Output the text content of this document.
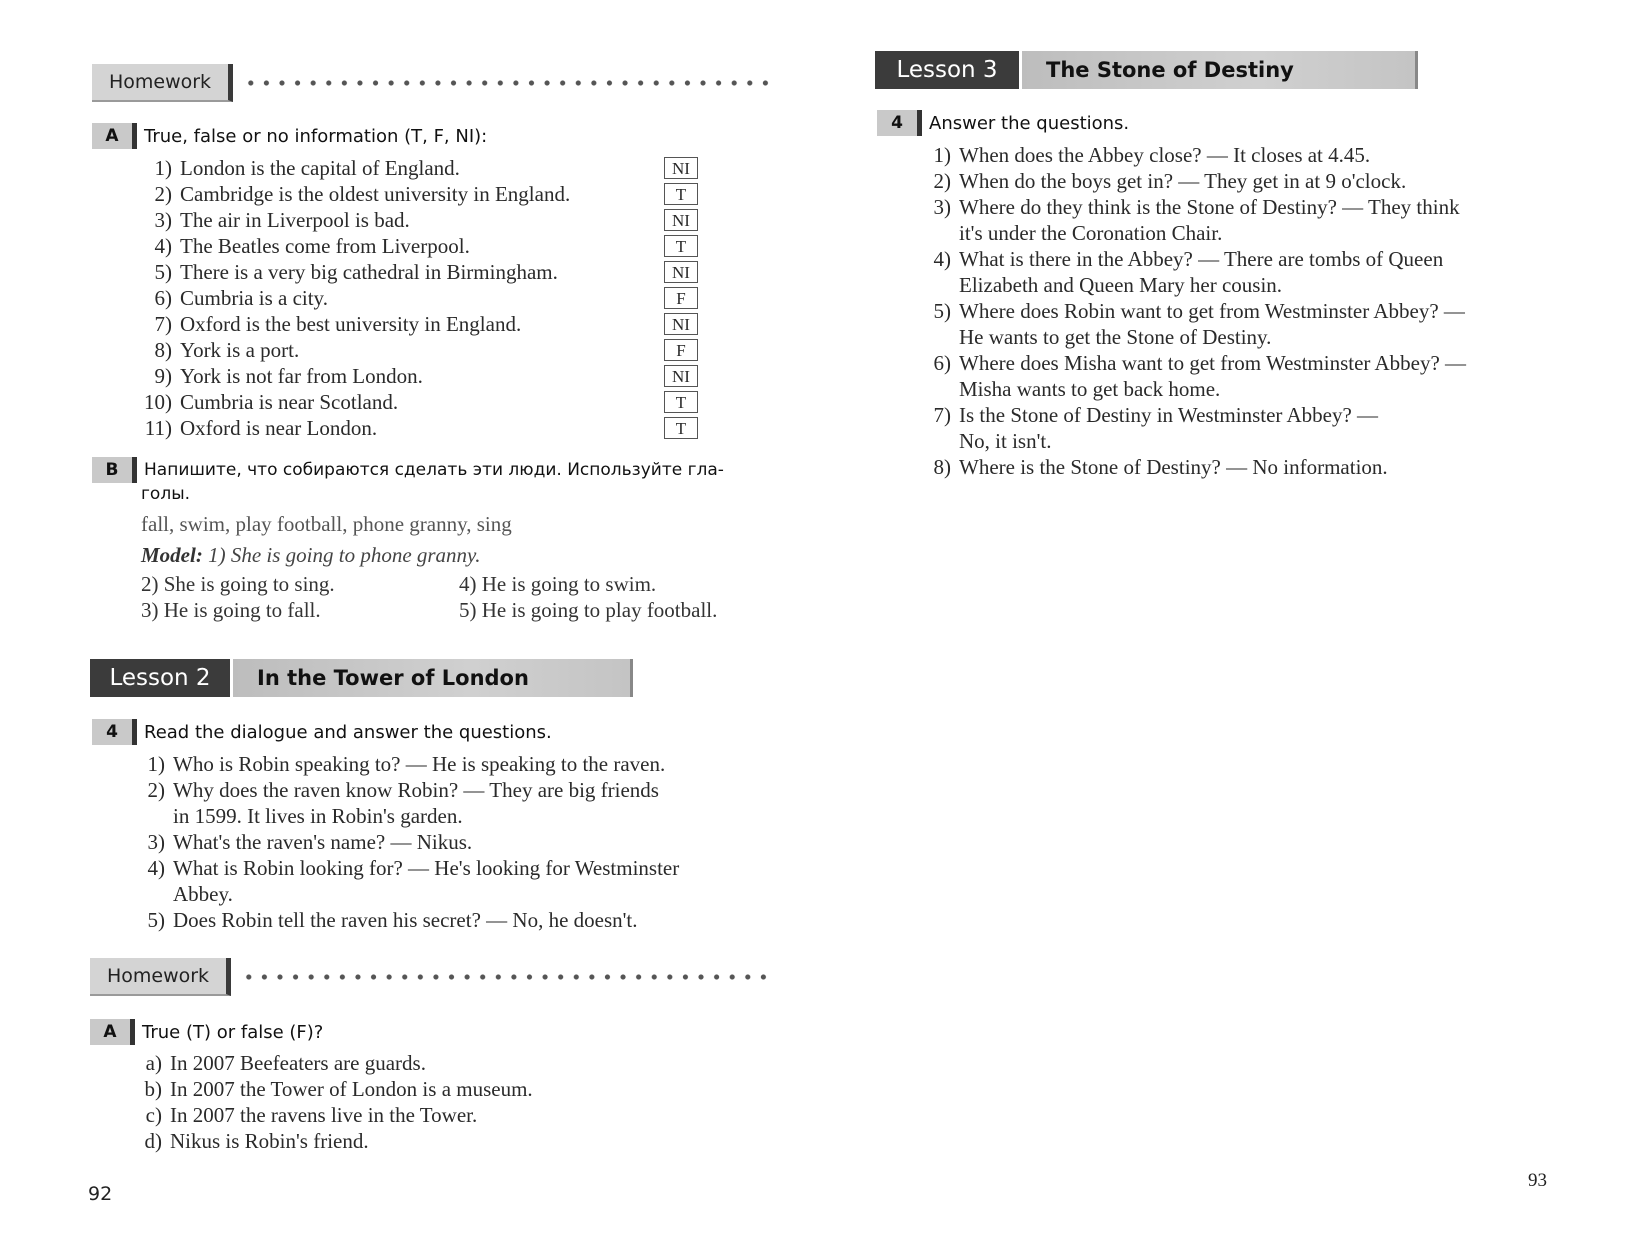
Homework
A	True, false or no information (T, F, NI):
1) London is the capital of England.	NI
2) Cambridge is the oldest university in England.	T
3) The air in Liverpool is bad.	NI
4) The Beatles come from Liverpool.	T
5) There is a very big cathedral in Birmingham.	NI
6) Cumbria is a city.	F
7) Oxford is the best university in England.	NI
8) York is a port.	F
9) York is not far from London.	NI
10) Cumbria is near Scotland.	T
11) Oxford is near London.	T
B	Напишите, что собираются сделать эти люди. Используйте гла-
голы.
fall, swim, play football, phone granny, sing
Model: 1) She is going to phone granny.
2) She is going to sing.
3) He is going to fall.
4) He is going to swim.
5) He is going to play football.
Lesson 2	In the Tower of London
4	Read the dialogue and answer the questions.
1) Who is Robin speaking to? — He is speaking to the raven.
2) Why does the raven know Robin? — They are big friends
in 1599. It lives in Robin's garden.
3) What's the raven's name? — Nikus.
4) What is Robin looking for? — He's looking for Westminster
Abbey.
5) Does Robin tell the raven his secret? — No, he doesn't.
Homework
A	True (T) or false (F)?
a) In 2007 Beefeaters are guards.
b) In 2007 the Tower of London is a museum.
c) In 2007 the ravens live in the Tower.
d) Nikus is Robin's friend.
92
Lesson 3	The Stone of Destiny
4	Answer the questions.
1) When does the Abbey close? — It closes at 4.45.
2) When do the boys get in? — They get in at 9 o'clock.
3) Where do they think is the Stone of Destiny? — They think
it's under the Coronation Chair.
4) What is there in the Abbey? — There are tombs of Queen
Elizabeth and Queen Mary her cousin.
5) Where does Robin want to get from Westminster Abbey? —
He wants to get the Stone of Destiny.
6) Where does Misha want to get from Westminster Abbey? —
Misha wants to get back home.
7) Is the Stone of Destiny in Westminster Abbey? —
No, it isn't.
8) Where is the Stone of Destiny? — No information.
93
